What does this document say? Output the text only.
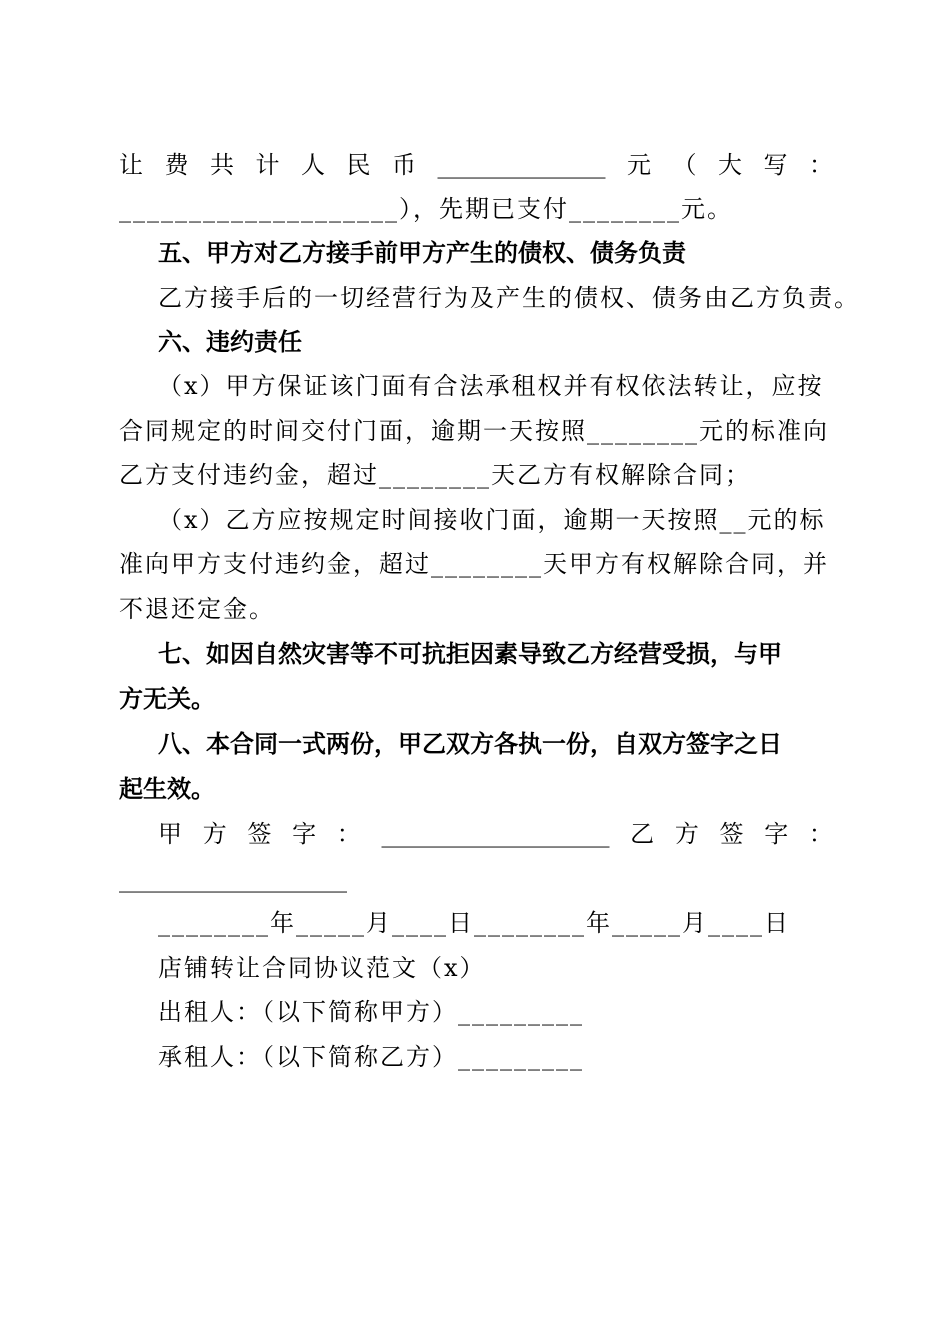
让 费 共 计 人 民 币 ______________ 元 （ 大 写 ：
____________________），先期已支付________元。
五、甲方对乙方接手前甲方产生的债权、债务负责
乙方接手后的一切经营行为及产生的债权、债务由乙方负责。
六、违约责任
（x）甲方保证该门面有合法承租权并有权依法转让，应按
合同规定的时间交付门面，逾期一天按照________元的标准向
乙方支付违约金，超过________天乙方有权解除合同；
（x）乙方应按规定时间接收门面，逾期一天按照__元的标
准向甲方支付违约金，超过________天甲方有权解除合同，并
不退还定金。
七、如因自然灾害等不可抗拒因素导致乙方经营受损，与甲
方无关。
八、本合同一式两份，甲乙双方各执一份，自双方签字之日
起生效。
甲 方 签 字 ： ___________________ 乙 方 签 字 ：
___________________
________年_____月____日________年_____月____日
店铺转让合同协议范文（x）
出租人：（以下简称甲方）_________
承租人：（以下简称乙方）_________
